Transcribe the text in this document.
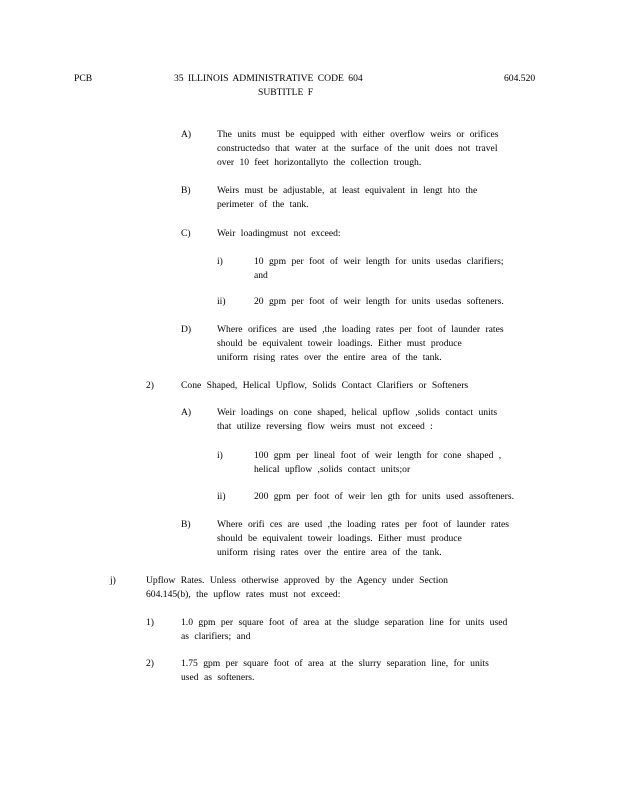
PCB	35 ILLINOIS ADMINISTRATIVE CODE 604
SUBTITLE F
604.520
A)	The units must be equipped with either overflow weirs or orifices
constructedso that water at the surface of the unit does not travel
over 10 feet horizontallyto the collection trough.
B)	Weirs must be adjustable, at least equivalent in lengt hto the
perimeter of the tank.
C)	Weir loadingmust not exceed:
i)	10 gpm per foot of weir length for units usedas clarifiers;
and
ii)	20 gpm per foot of weir length for units usedas softeners.
D)	Where orifices are used ,the loading rates per foot of launder rates
should be equivalent toweir loadings. Either must produce
uniform rising rates over the entire area of the tank.
2)	Cone Shaped, Helical Upflow, Solids Contact Clarifiers or Softeners
A)	Weir loadings on cone shaped, helical upflow ,solids contact units
that utilize reversing flow weirs must not exceed :
i)	100 gpm per lineal foot of weir length for cone shaped ,
helical upflow ,solids contact units;or
ii)	200 gpm per foot of weir len gth for units used assofteners.
B)	Where orifi ces are used ,the loading rates per foot of launder rates
should be equivalent toweir loadings. Either must produce
uniform rising rates over the entire area of the tank.
j)	Upflow Rates. Unless otherwise approved by the Agency under Section
604.145(b), the upflow rates must not exceed:
1)	1.0 gpm per square foot of area at the sludge separation line for units used
as clarifiers; and
2)	1.75 gpm per square foot of area at the slurry separation line, for units
used as softeners.
